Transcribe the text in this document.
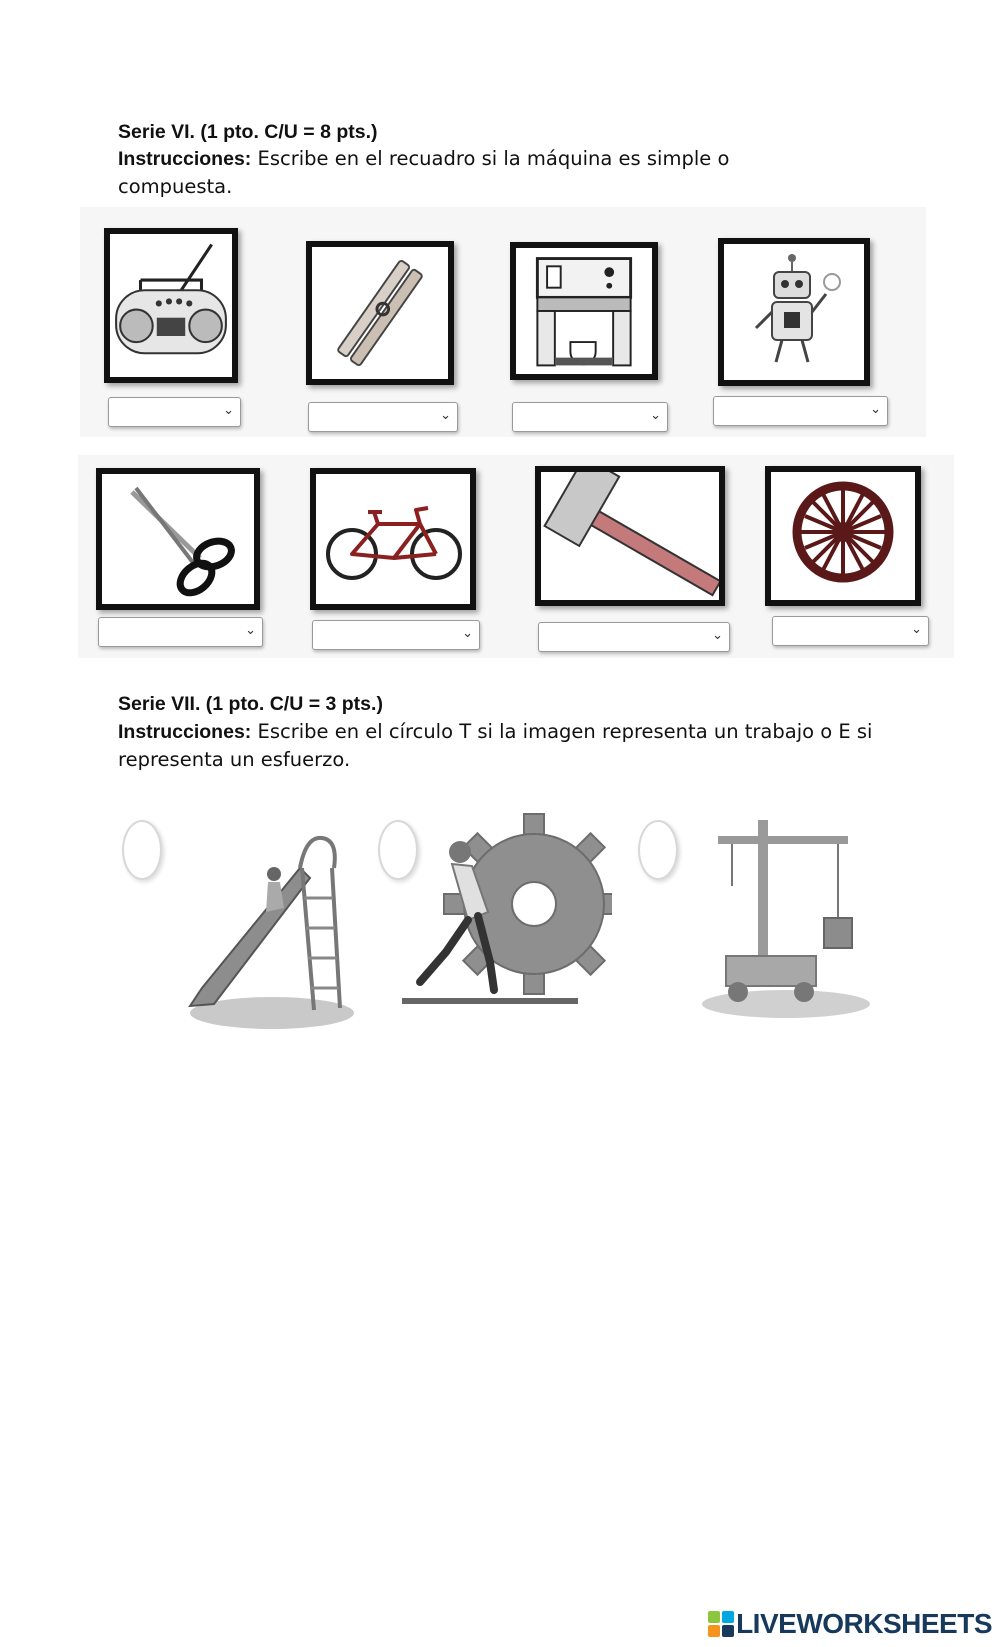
Serie VI. (1 pto. C/U = 8 pts.)
Instrucciones: Escribe en el recuadro si la máquina es simple o compuesta.
⌄	⌄	⌄	⌄
⌄	⌄	⌄	⌄
Serie VII. (1 pto. C/U = 3 pts.)
Instrucciones: Escribe en el círculo T si la imagen representa un trabajo o E si representa un esfuerzo.
LIVEWORKSHEETS
